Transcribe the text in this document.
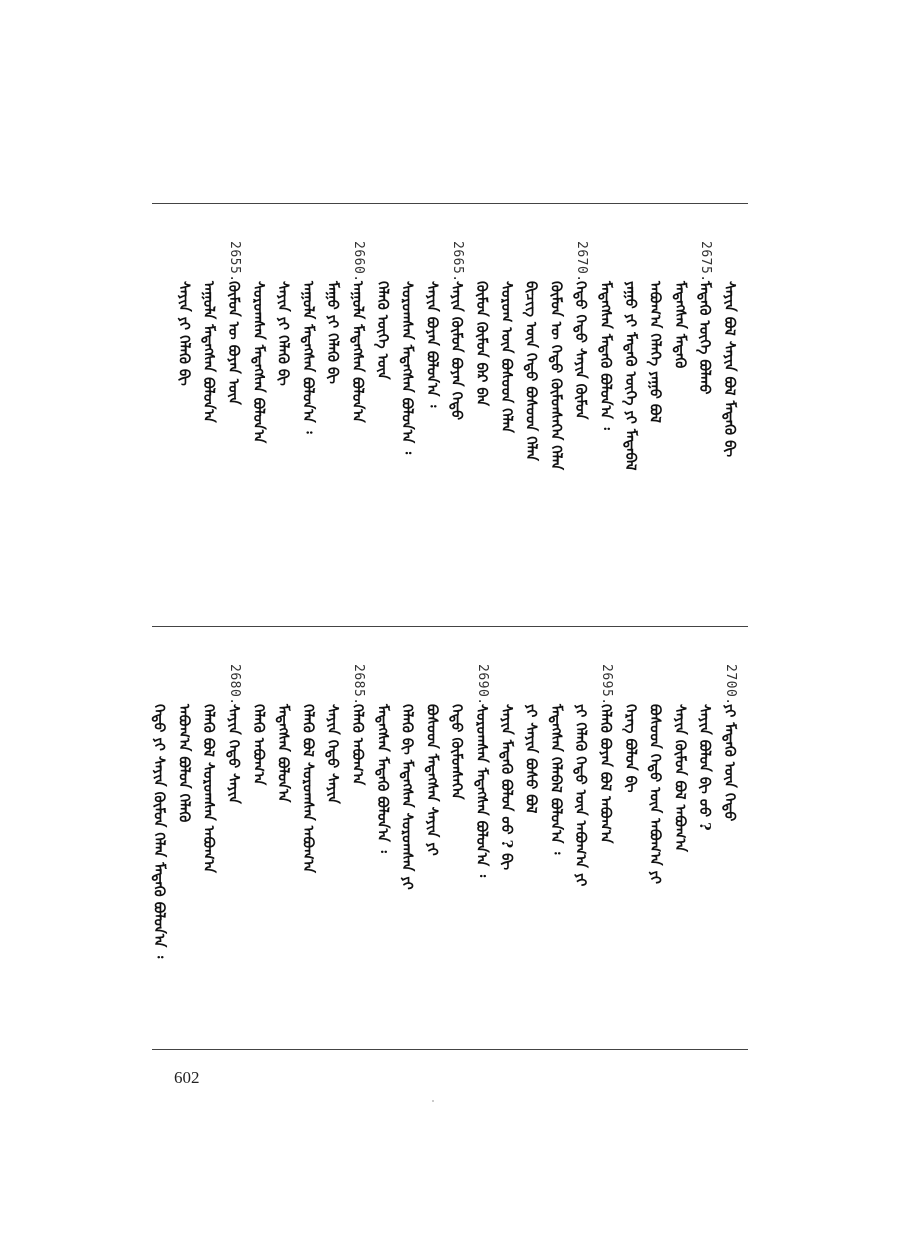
ᠰᠠᠶᠢᠨ ᠪᠣᠯ ᠰᠠᠶᠢᠨ ᠪᠣᠯ ᠮᠡᠳᠡᠬᠦ ᠪᠢ
2675.
ᠮᠡᠳᠡᠬᠦ ᠦᠭᠡ ᠪᠣᠯᠬᠤ
ᠮᠡᠳᠡᠭᠰᠡᠨ ᠮᠡᠳᠡᠬᠦ
ᠠᠪᠤᠭ᠎ᠠ ᠬᠡᠯᠡᠭᠡ ᠶᠠᠭᠤ ᠪᠣᠯ
ᠶᠠᠭᠤ ᠶᠢ ᠮᠡᠳᠡᠬᠦ ᠦᠭᠡ ᠶᠢ ᠮᠡᠳᠡᠪᠡᠯ
ᠮᠡᠳᠡᠭᠰᠡᠨ ᠮᠡᠳᠡᠬᠦ ᠪᠣᠯᠤᠨ᠎ᠠ ᠄
2670.
ᠬᠡᠳᠦ ᠬᠡᠳᠦ ᠰᠠᠶᠢᠨ ᠬᠦᠮᠦᠨ
ᠬᠦᠮᠦᠨ ᠦ ᠬᠡᠳᠦ ᠬᠦᠮᠦᠨᠰᠡᠭᠡᠨ ᠬᠡᠯᠡᠨ
ᠪᠢᠴᠢᠭ ᠦᠨ ᠬᠡᠳᠦ ᠪᠤᠰᠤᠳ ᠬᠡᠯᠡᠨ
ᠰᠤᠷᠤᠭ ᠦᠨ ᠪᠤᠰᠤᠳ ᠬᠡᠯᠡᠨ
ᠬᠦᠮᠦᠨ ᠬᠦᠮᠦᠨ ᠪᠡᠷ ᠪᠠᠨ
2665.
ᠰᠠᠶᠢᠨ ᠬᠦᠮᠦᠨ ᠪᠤᠶᠠᠨ ᠬᠡᠳᠦ
ᠰᠠᠶᠢᠨ ᠪᠤᠶᠠᠨ ᠪᠣᠯᠤᠨ᠎ᠠ ᠄
ᠰᠤᠷᠤᠭᠰᠠᠨ ᠮᠡᠳᠡᠭᠰᠡᠨ ᠪᠣᠯᠤᠨ᠎ᠠ ᠄
ᠬᠡᠯᠡᠬᠦ ᠦᠭᠡ ᠦᠨ
2660.
ᠠᠭᠤᠯᠠ ᠮᠡᠳᠡᠭᠰᠡᠨ ᠪᠣᠯᠤᠨ᠎ᠠ
ᠮᠠᠭᠤ ᠶᠢ ᠬᠡᠯᠡᠬᠦ ᠪᠢ
ᠠᠭᠤᠯᠠ ᠮᠡᠳᠡᠭᠰᠡᠨ ᠪᠣᠯᠤᠨ᠎ᠠ ᠄
ᠰᠠᠶᠢᠨ ᠶᠢ ᠬᠡᠯᠡᠬᠦ ᠪᠢ
ᠰᠤᠷᠤᠭᠰᠠᠨ ᠮᠡᠳᠡᠭᠰᠡᠨ ᠪᠣᠯᠤᠨ᠎ᠠ
2655.
ᠬᠦᠮᠦᠨ ᠦ ᠪᠤᠶᠠᠨ ᠦᠨ
ᠠᠭᠤᠯᠠ ᠮᠡᠳᠡᠭᠰᠡᠨ ᠪᠣᠯᠤᠨ᠎ᠠ
ᠰᠠᠶᠢᠨ ᠶᠢ ᠬᠡᠯᠡᠬᠦ ᠪᠢ
2700.
ᠶᠢ ᠮᠡᠳᠡᠬᠦ ᠦᠨ ᠬᠡᠳᠦ
ᠰᠠᠶᠢᠨ ᠪᠣᠯᠤᠨ ᠪᠢ ᠤᠤ ?
ᠰᠠᠶᠢᠨ ᠬᠦᠮᠦᠨ ᠪᠣᠯ ᠠᠪᠤᠭ᠎ᠠ
ᠪᠤᠰᠤᠳ ᠬᠡᠳᠦ ᠦᠨ ᠠᠪᠤᠭ᠎ᠠ ᠶᠢ
ᠬᠡᠷᠡᠭ ᠪᠣᠯᠤᠨ ᠪᠢ
2695.
ᠬᠡᠯᠡᠬᠦ ᠪᠤᠶᠠᠨ ᠪᠣᠯ ᠠᠪᠤᠭ᠎ᠠ
ᠶᠢ ᠬᠡᠯᠡᠬᠦ ᠬᠡᠳᠦ ᠦᠨ ᠠᠪᠤᠭ᠎ᠠ ᠶᠢ
ᠮᠡᠳᠡᠭᠰᠡᠨ ᠬᠡᠯᠡᠪᠡᠯ ᠪᠣᠯᠤᠨ᠎ᠠ ᠄
ᠶᠢ ᠰᠠᠶᠢᠨ ᠪᠤᠰᠤ ᠪᠣᠯ
ᠰᠠᠶᠢᠨ ᠮᠡᠳᠡᠬᠦ ᠪᠣᠯᠤᠨ ᠤᠤ ? ᠪᠢ
2690.
ᠰᠤᠷᠤᠭᠰᠠᠨ ᠮᠡᠳᠡᠭᠰᠡᠨ ᠪᠣᠯᠤᠨ᠎ᠠ ᠄
ᠬᠡᠳᠦ ᠬᠦᠮᠦᠨᠰᠡᠭᠡᠨ
ᠪᠤᠰᠤᠳ ᠮᠡᠳᠡᠭᠰᠡᠨ ᠰᠠᠶᠢᠨ ᠶᠢ
ᠬᠡᠯᠡᠬᠦ ᠪᠢ ᠮᠡᠳᠡᠭᠰᠡᠨ ᠰᠤᠷᠤᠭᠰᠠᠨ ᠶᠢ
ᠮᠡᠳᠡᠭᠰᠡᠨ ᠮᠡᠳᠡᠬᠦ ᠪᠣᠯᠤᠨ᠎ᠠ ᠄
2685.
ᠬᠡᠯᠡᠬᠦ ᠠᠪᠤᠭ᠎ᠠ
ᠰᠠᠶᠢᠨ ᠬᠡᠳᠦ ᠰᠠᠶᠢᠨ
ᠬᠡᠯᠡᠬᠦ ᠪᠣᠯ ᠰᠤᠷᠤᠭᠰᠠᠨ ᠠᠪᠤᠭ᠎ᠠ
ᠮᠡᠳᠡᠭᠰᠡᠨ ᠪᠣᠯᠤᠨ᠎ᠠ
ᠬᠡᠯᠡᠬᠦ ᠠᠪᠤᠭ᠎ᠠ
2680.
ᠰᠠᠶᠢᠨ ᠬᠡᠳᠦ ᠰᠠᠶᠢᠨ
ᠬᠡᠯᠡᠬᠦ ᠪᠣᠯ ᠰᠤᠷᠤᠭᠰᠠᠨ ᠠᠪᠤᠭ᠎ᠠ
ᠠᠪᠤᠭ᠎ᠠ ᠪᠣᠯᠤᠨ ᠬᠡᠯᠡᠬᠦ
ᠬᠡᠳᠦ ᠶᠢ ᠰᠠᠶᠢᠨ ᠬᠦᠮᠦᠨ ᠬᠡᠯᠡᠨ ᠮᠡᠳᠡᠬᠦ ᠪᠣᠯᠤᠨ᠎ᠠ ᠄
602
